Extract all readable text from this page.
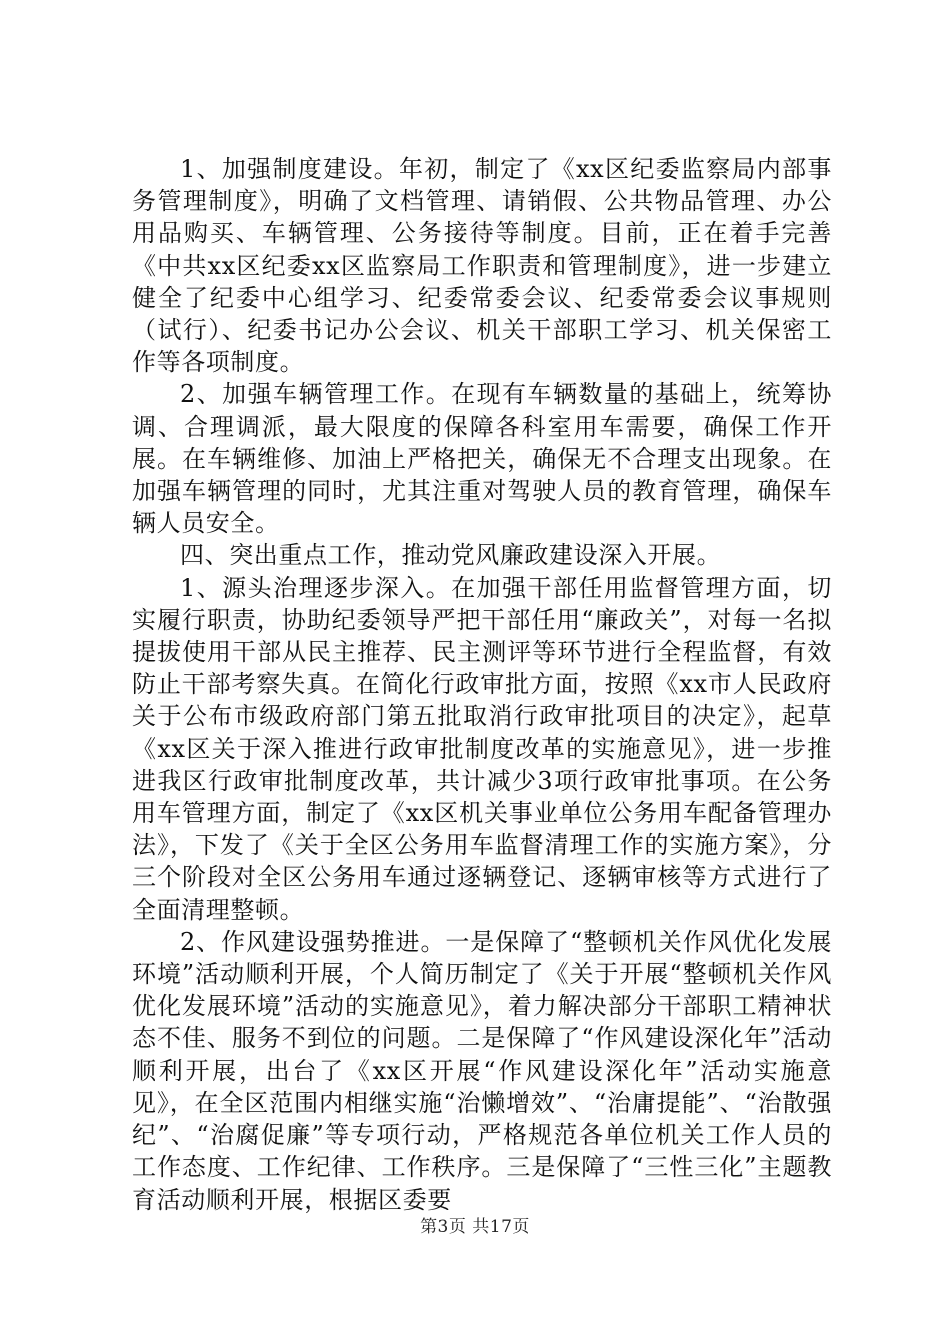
1、加强制度建设。年初，制定了《xx区纪委监察局内部事务管理制度》，明确了文档管理、请销假、公共物品管理、办公用品购买、车辆管理、公务接待等制度。目前，正在着手完善《中共xx区纪委xx区监察局工作职责和管理制度》，进一步建立健全了纪委中心组学习、纪委常委会议、纪委常委会议事规则（试行）、纪委书记办公会议、机关干部职工学习、机关保密工作等各项制度。

2、加强车辆管理工作。在现有车辆数量的基础上，统筹协调、合理调派，最大限度的保障各科室用车需要，确保工作开展。在车辆维修、加油上严格把关，确保无不合理支出现象。在加强车辆管理的同时，尤其注重对驾驶人员的教育管理，确保车辆人员安全。

四、突出重点工作，推动党风廉政建设深入开展。

1、源头治理逐步深入。在加强干部任用监督管理方面，切实履行职责，协助纪委领导严把干部任用“廉政关”，对每一名拟提拔使用干部从民主推荐、民主测评等环节进行全程监督，有效防止干部考察失真。在简化行政审批方面，按照《xx市人民政府关于公布市级政府部门第五批取消行政审批项目的决定》，起草《xx区关于深入推进行政审批制度改革的实施意见》，进一步推进我区行政审批制度改革，共计减少3项行政审批事项。在公务用车管理方面，制定了《xx区机关事业单位公务用车配备管理办法》，下发了《关于全区公务用车监督清理工作的实施方案》，分三个阶段对全区公务用车通过逐辆登记、逐辆审核等方式进行了全面清理整顿。

2、作风建设强势推进。一是保障了“整顿机关作风优化发展环境”活动顺利开展，个人简历制定了《关于开展“整顿机关作风优化发展环境”活动的实施意见》，着力解决部分干部职工精神状态不佳、服务不到位的问题。二是保障了“作风建设深化年”活动顺利开展，出台了《xx区开展“作风建设深化年”活动实施意见》，在全区范围内相继实施“治懒增效”、“治庸提能”、“治散强纪”、“治腐促廉”等专项行动，严格规范各单位机关工作人员的工作态度、工作纪律、工作秩序。三是保障了“三性三化”主题教育活动顺利开展，根据区委要

第3页 共17页
